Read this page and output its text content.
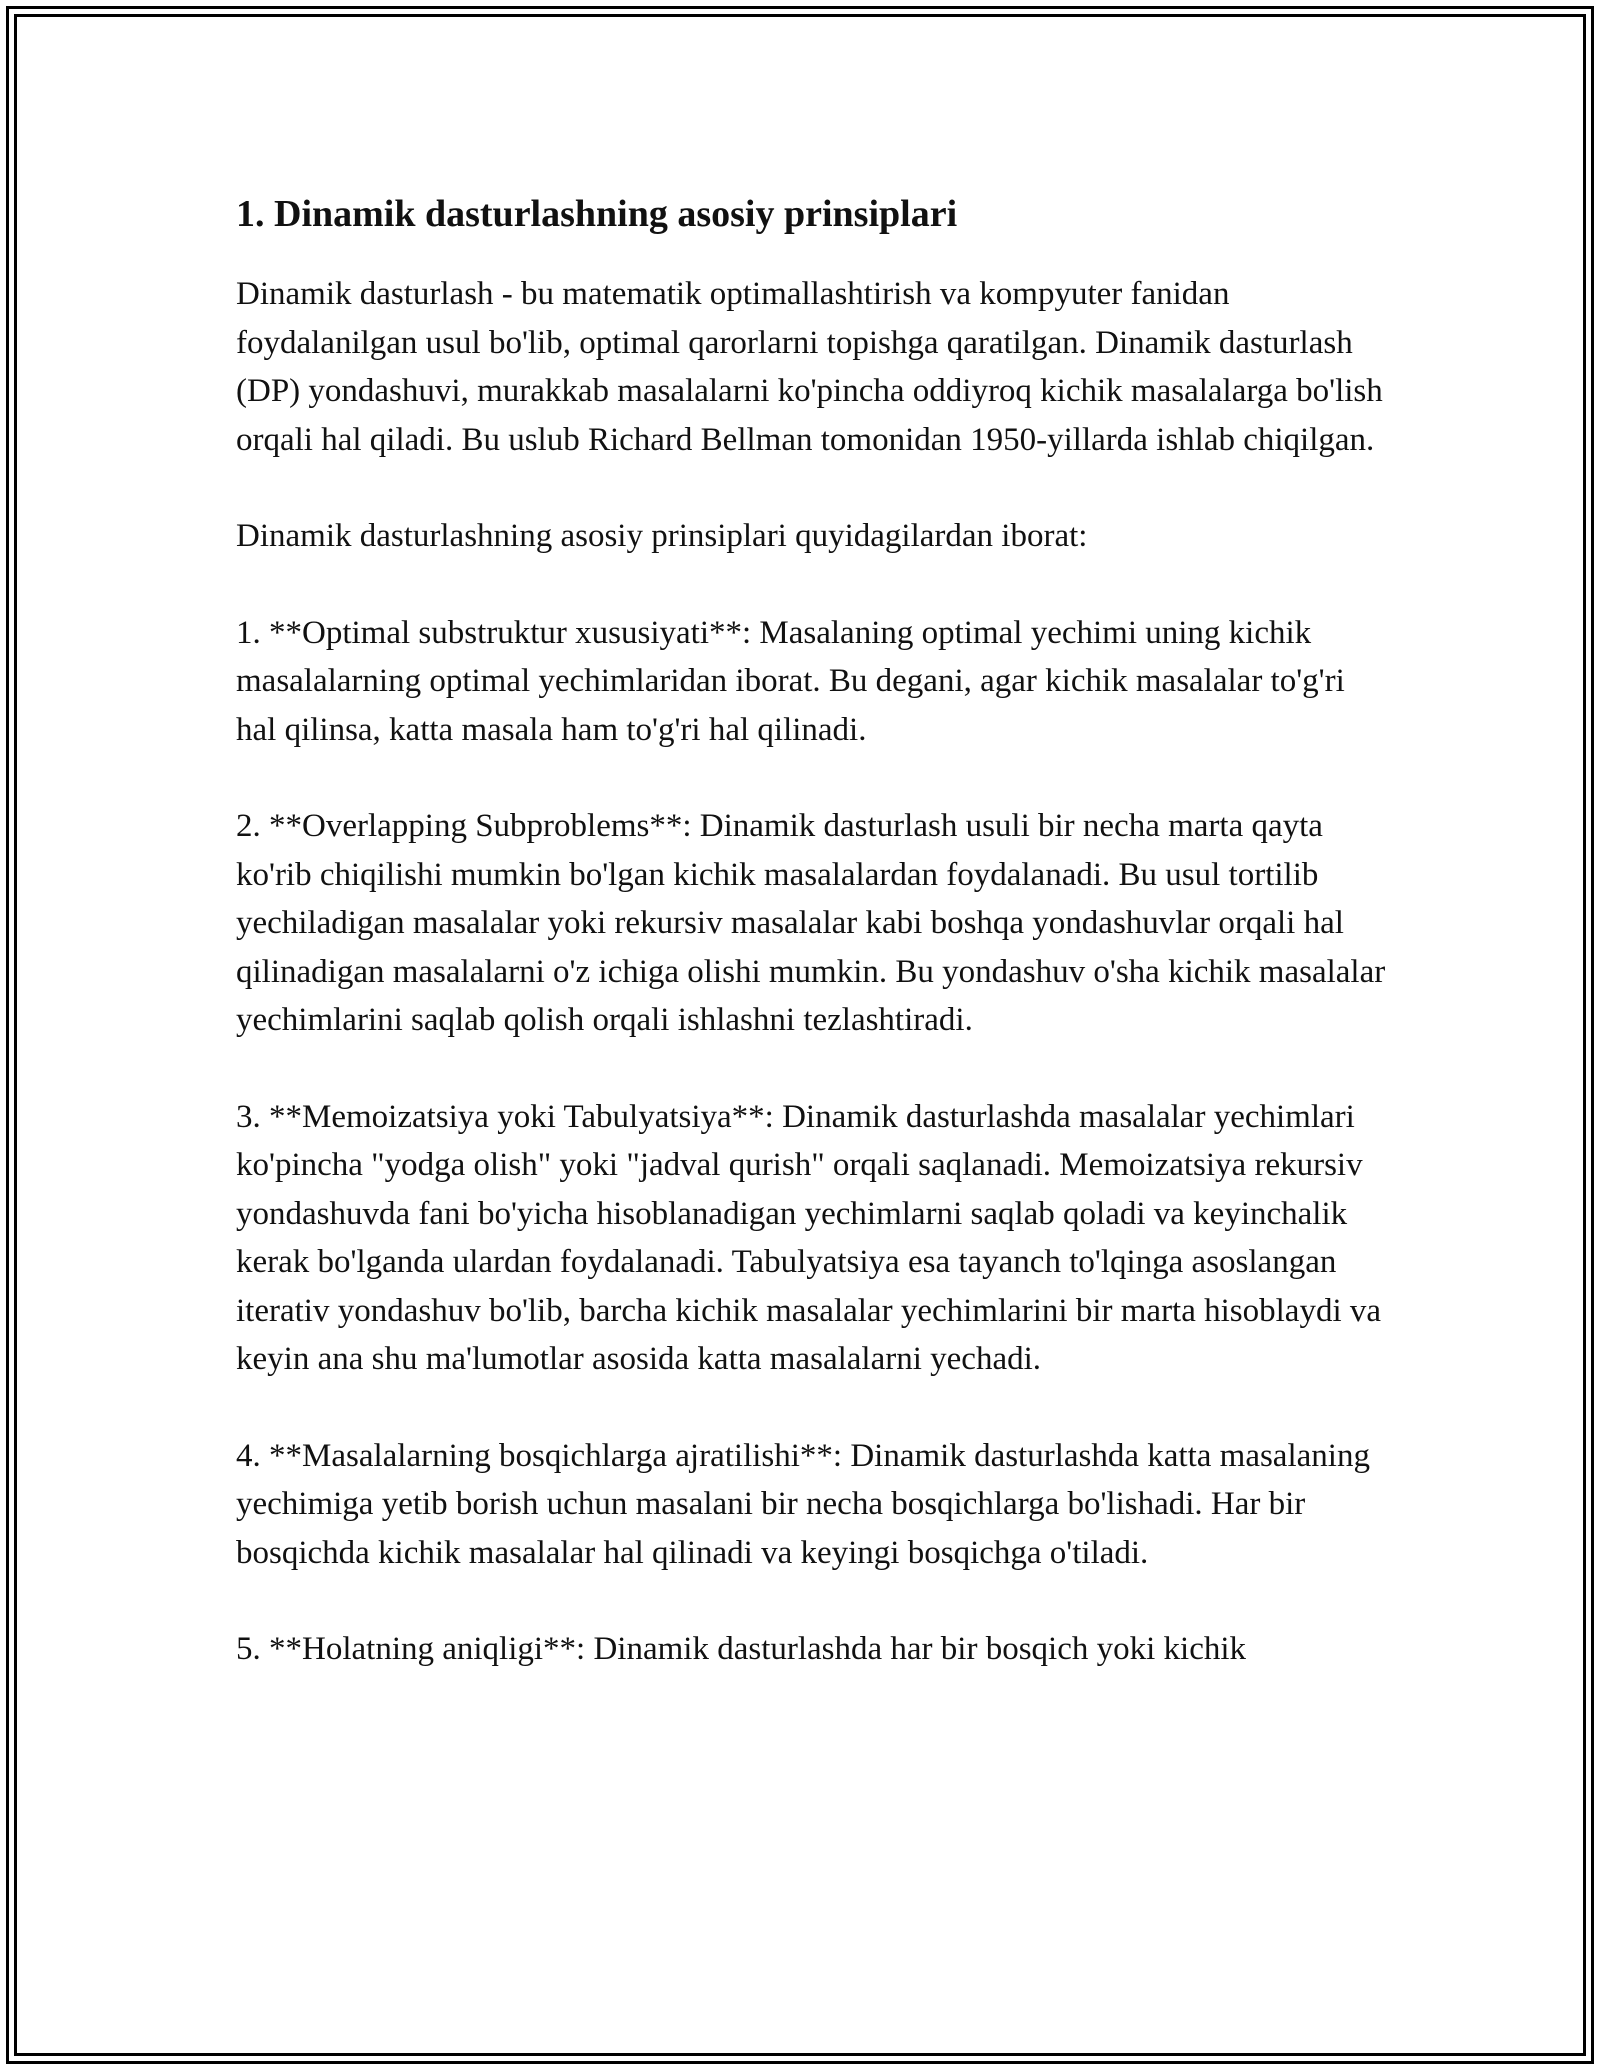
1. Dinamik dasturlashning asosiy prinsiplari

Dinamik dasturlash - bu matematik optimallashtirish va kompyuter fanidan foydalanilgan usul bo'lib, optimal qarorlarni topishga qaratilgan. Dinamik dasturlash (DP) yondashuvi, murakkab masalalarni ko'pincha oddiyroq kichik masalalarga bo'lish orqali hal qiladi. Bu uslub Richard Bellman tomonidan 1950-yillarda ishlab chiqilgan.

Dinamik dasturlashning asosiy prinsiplari quyidagilardan iborat:

1. **Optimal substruktur xususiyati**: Masalaning optimal yechimi uning kichik masalalarning optimal yechimlaridan iborat. Bu degani, agar kichik masalalar to'g'ri hal qilinsa, katta masala ham to'g'ri hal qilinadi.

2. **Overlapping Subproblems**: Dinamik dasturlash usuli bir necha marta qayta ko'rib chiqilishi mumkin bo'lgan kichik masalalardan foydalanadi. Bu usul tortilib yechiladigan masalalar yoki rekursiv masalalar kabi boshqa yondashuvlar orqali hal qilinadigan masalalarni o'z ichiga olishi mumkin. Bu yondashuv o'sha kichik masalalar yechimlarini saqlab qolish orqali ishlashni tezlashtiradi.

3. **Memoizatsiya yoki Tabulyatsiya**: Dinamik dasturlashda masalalar yechimlari ko'pincha "yodga olish" yoki "jadval qurish" orqali saqlanadi. Memoizatsiya rekursiv yondashuvda fani bo'yicha hisoblanadigan yechimlarni saqlab qoladi va keyinchalik kerak bo'lganda ulardan foydalanadi. Tabulyatsiya esa tayanch to'lqinga asoslangan iterativ yondashuv bo'lib, barcha kichik masalalar yechimlarini bir marta hisoblaydi va keyin ana shu ma'lumotlar asosida katta masalalarni yechadi.

4. **Masalalarning bosqichlarga ajratilishi**: Dinamik dasturlashda katta masalaning yechimiga yetib borish uchun masalani bir necha bosqichlarga bo'lishadi. Har bir bosqichda kichik masalalar hal qilinadi va keyingi bosqichga o'tiladi.

5. **Holatning aniqligi**: Dinamik dasturlashda har bir bosqich yoki kichik
